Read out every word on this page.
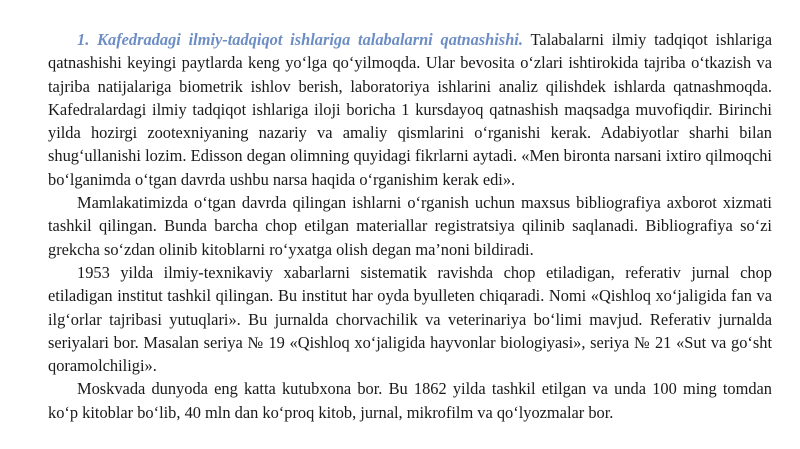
1. Kafedradagi ilmiy-tadqiqot ishlariga talabalarni qatnashishi. Talabalarni ilmiy tadqiqot ishlariga qatnashishi keyingi paytlarda keng yo‘lga qo‘yilmoqda. Ular bevosita o‘zlari ishtirokida tajriba o‘tkazish va tajriba natijalariga biometrik ishlov berish, laboratoriya ishlarini analiz qilishdek ishlarda qatnashmoqda. Kafedralardagi ilmiy tadqiqot ishlariga iloji boricha 1 kursdayoq qatnashish maqsadga muvofiqdir. Birinchi yilda hozirgi zootexniyaning nazariy va amaliy qismlarini o‘rganishi kerak. Adabiyotlar sharhi bilan shug‘ullanishi lozim. Edisson degan olimning quyidagi fikrlarni aytadi. «Men bironta narsani ixtiro qilmoqchi bo‘lganimda o‘tgan davrda ushbu narsa haqida o‘rganishim kerak edi».

Mamlakatimizda o‘tgan davrda qilingan ishlarni o‘rganish uchun maxsus bibliografiya axborot xizmati tashkil qilingan. Bunda barcha chop etilgan materiallar registratsiya qilinib saqlanadi. Bibliografiya so‘zi grekcha so‘zdan olinib kitoblarni ro‘yxatga olish degan ma’noni bildiradi.

1953 yilda ilmiy-texnikaviy xabarlarni sistematik ravishda chop etiladigan, referativ jurnal chop etiladigan institut tashkil qilingan. Bu institut har oyda byulleten chiqaradi. Nomi «Qishloq xo‘jaligida fan va ilg‘orlar tajribasi yutuqlari». Bu jurnalda chorvachilik va veterinariya bo‘limi mavjud. Referativ jurnalda seriyalari bor. Masalan seriya № 19 «Qishloq xo‘jaligida hayvonlar biologiyasi», seriya № 21 «Sut va go‘sht qoramolchiligi».

Moskvada dunyoda eng katta kutubxona bor. Bu 1862 yilda tashkil etilgan va unda 100 ming tomdan ko‘p kitoblar bo‘lib, 40 mln dan ko‘proq kitob, jurnal, mikrofilm va qo‘lyozmalar bor.
